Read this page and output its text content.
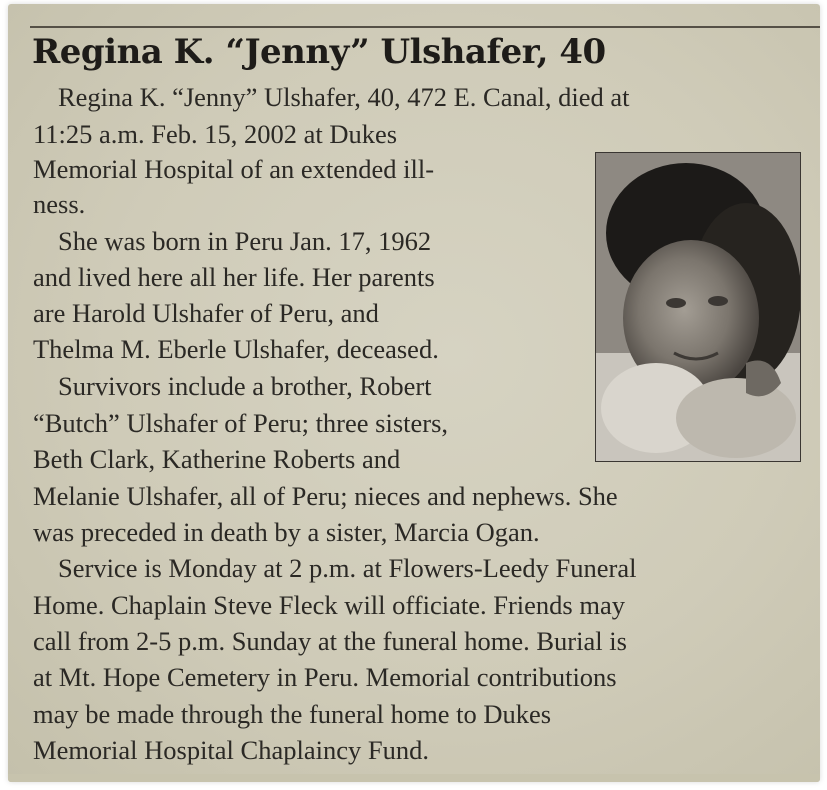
Regina K. “Jenny” Ulshafer, 40

Regina K. “Jenny” Ulshafer, 40, 472 E. Canal, died at

11:25 a.m. Feb. 15, 2002 at Dukes

Memorial Hospital of an extended ill-

ness.

She was born in Peru Jan. 17, 1962

and lived here all her life. Her parents

are Harold Ulshafer of Peru, and

Thelma M. Eberle Ulshafer, deceased.

Survivors include a brother, Robert

“Butch” Ulshafer of Peru; three sisters,

Beth Clark, Katherine Roberts and

Melanie Ulshafer, all of Peru; nieces and nephews. She

was preceded in death by a sister, Marcia Ogan.

Service is Monday at 2 p.m. at Flowers-Leedy Funeral

Home. Chaplain Steve Fleck will officiate. Friends may

call from 2-5 p.m. Sunday at the funeral home. Burial is

at Mt. Hope Cemetery in Peru. Memorial contributions

may be made through the funeral home to Dukes

Memorial Hospital Chaplaincy Fund.
